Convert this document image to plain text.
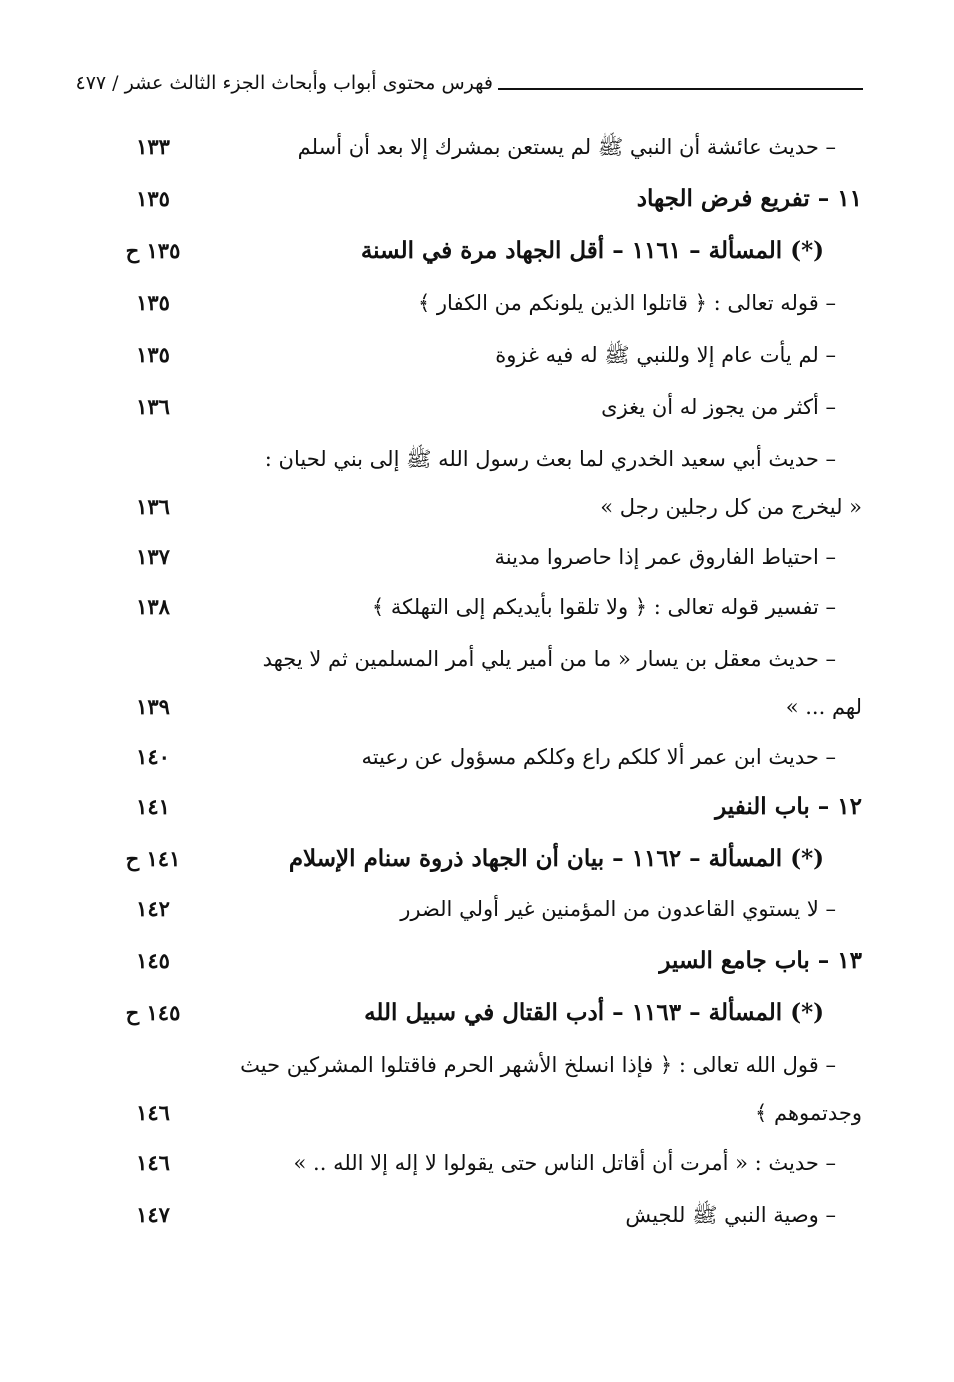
فهرس محتوى أبواب وأبحاث الجزء الثالث عشر / ٤٧٧
– حديث عائشة أن النبي ﷺ لم يستعن بمشرك إلا بعد أن أسلم
١٣٣
١١ – تفريع فرض الجهاد
١٣٥
(*) المسألة – ١١٦١ – أقل الجهاد مرة في السنة
١٣٥ ح
– قوله تعالى : ﴿ قاتلوا الذين يلونكم من الكفار ﴾
١٣٥
– لم يأت عام إلا وللنبي ﷺ له فيه غزوة
١٣٥
– أكثر من يجوز له أن يغزى
١٣٦
– حديث أبي سعيد الخدري لما بعث رسول الله ﷺ إلى بني لحيان :
« ليخرج من كل رجلين رجل »
١٣٦
– احتياط الفاروق عمر إذا حاصروا مدينة
١٣٧
– تفسير قوله تعالى : ﴿ ولا تلقوا بأيديكم إلى التهلكة ﴾
١٣٨
– حديث معقل بن يسار « ما من أمير يلي أمر المسلمين ثم لا يجهد
لهم ... »
١٣٩
– حديث ابن عمر ألا كلكم راع وكلكم مسؤول عن رعيته
١٤٠
١٢ – باب النفير
١٤١
(*) المسألة – ١١٦٢ – بيان أن الجهاد ذروة سنام الإسلام
١٤١ ح
– لا يستوي القاعدون من المؤمنين غير أولي الضرر
١٤٢
١٣ – باب جامع السير
١٤٥
(*) المسألة – ١١٦٣ – أدب القتال في سبيل الله
١٤٥ ح
– قول الله تعالى : ﴿ فإذا انسلخ الأشهر الحرم فاقتلوا المشركين حيث
وجدتموهم ﴾
١٤٦
– حديث : « أمرت أن أقاتل الناس حتى يقولوا لا إله إلا الله .. »
١٤٦
– وصية النبي ﷺ للجيش
١٤٧
